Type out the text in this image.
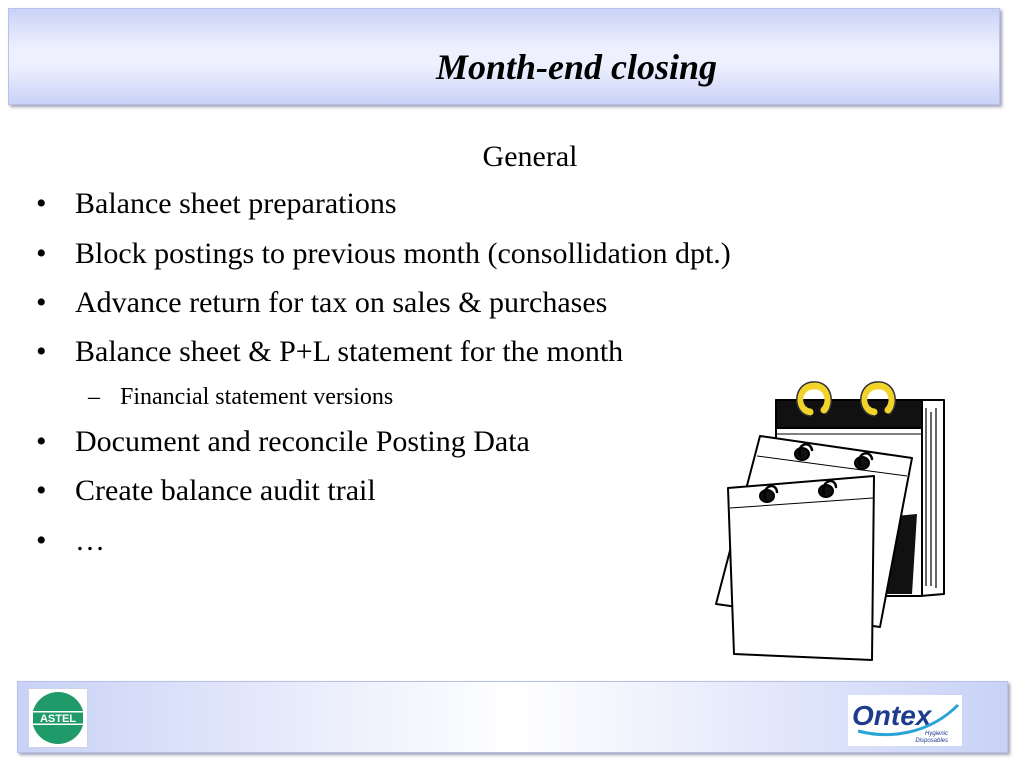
Month-end closing
General
• Balance sheet preparations
• Block postings to previous month (consollidation dpt.)
• Advance return for tax on sales & purchases
• Balance sheet & P+L statement for the month
– Financial statement versions
• Document and reconcile Posting Data
• Create balance audit trail
• …
ASTEL	Ontex
Hygienic
Disposables
